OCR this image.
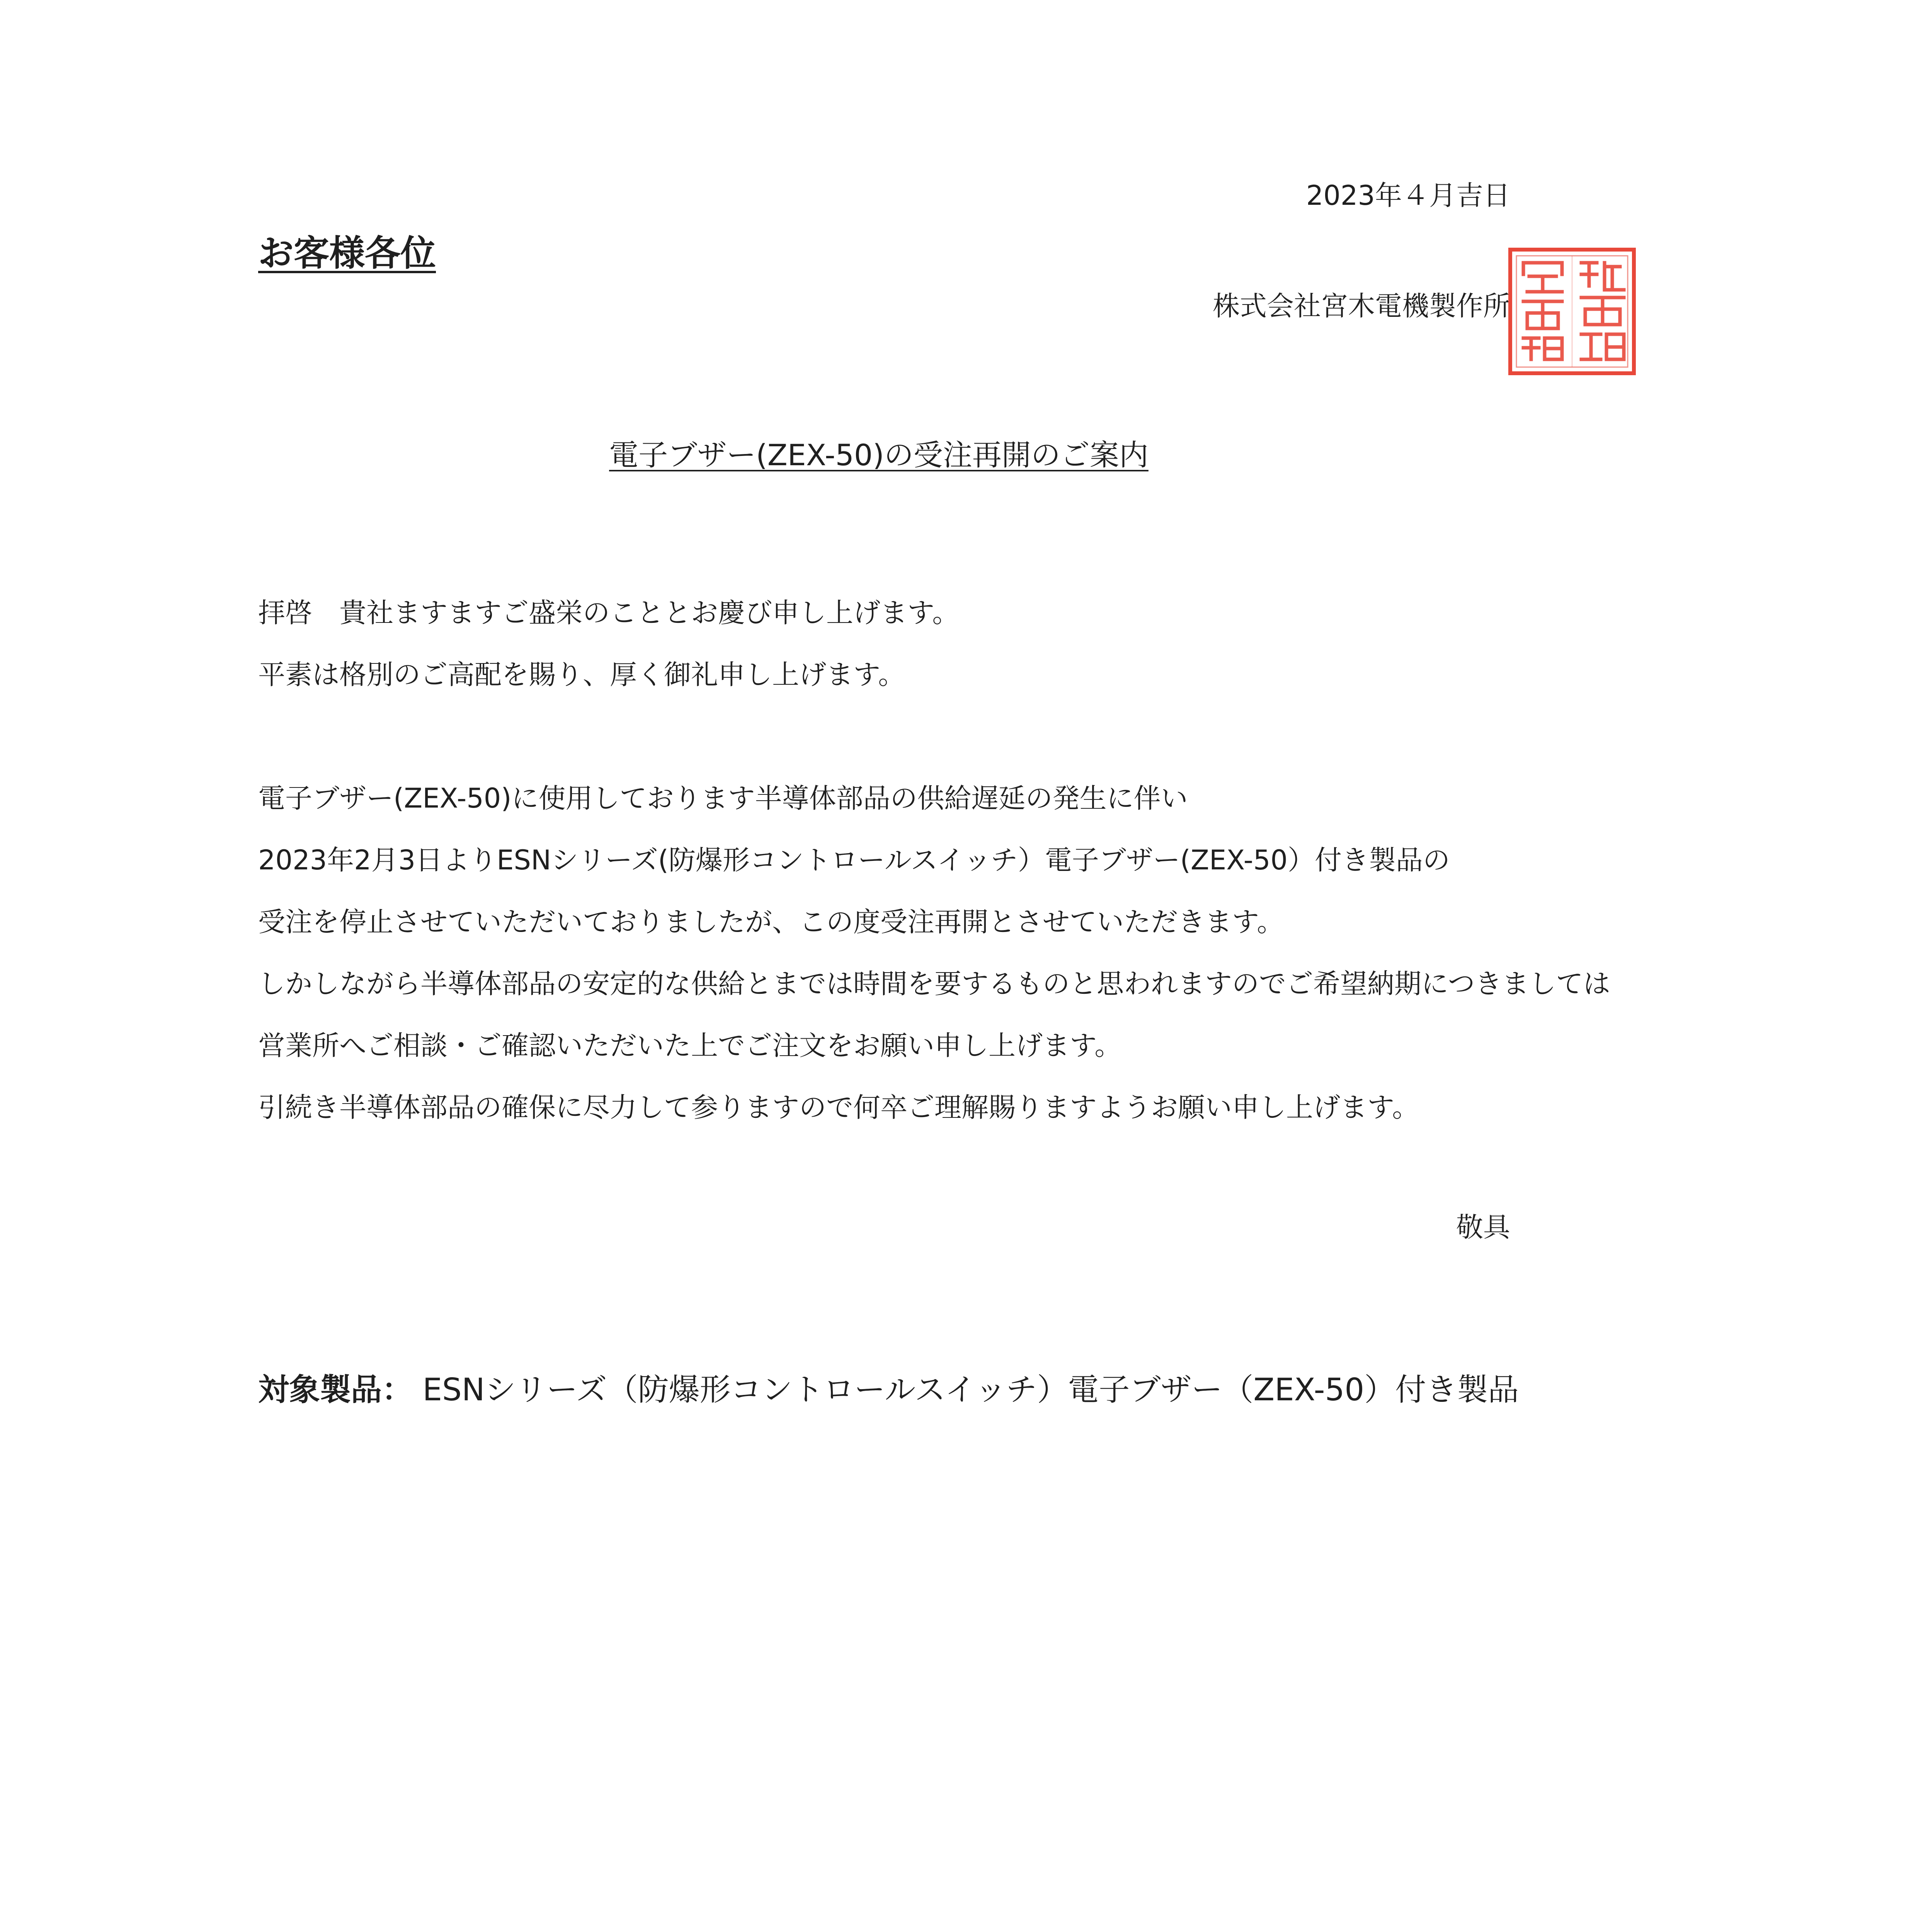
2023年４月吉日
お客様各位
株式会社宮木電機製作所
電子ブザー(ZEX-50)の受注再開のご案内
拝啓　貴社ますますご盛栄のこととお慶び申し上げます。
平素は格別のご高配を賜り、厚く御礼申し上げます。
電子ブザー(ZEX-50)に使用しております半導体部品の供給遅延の発生に伴い
2023年2月3日よりESNシリーズ(防爆形コントロールスイッチ）電子ブザー(ZEX-50）付き製品の
受注を停止させていただいておりましたが、この度受注再開とさせていただきます。
しかしながら半導体部品の安定的な供給とまでは時間を要するものと思われますのでご希望納期につきましては
営業所へご相談・ご確認いただいた上でご注文をお願い申し上げます。
引続き半導体部品の確保に尽力して参りますので何卒ご理解賜りますようお願い申し上げます。
敬具
対象製品： ESNシリーズ（防爆形コントロールスイッチ）電子ブザー（ZEX-50）付き製品
